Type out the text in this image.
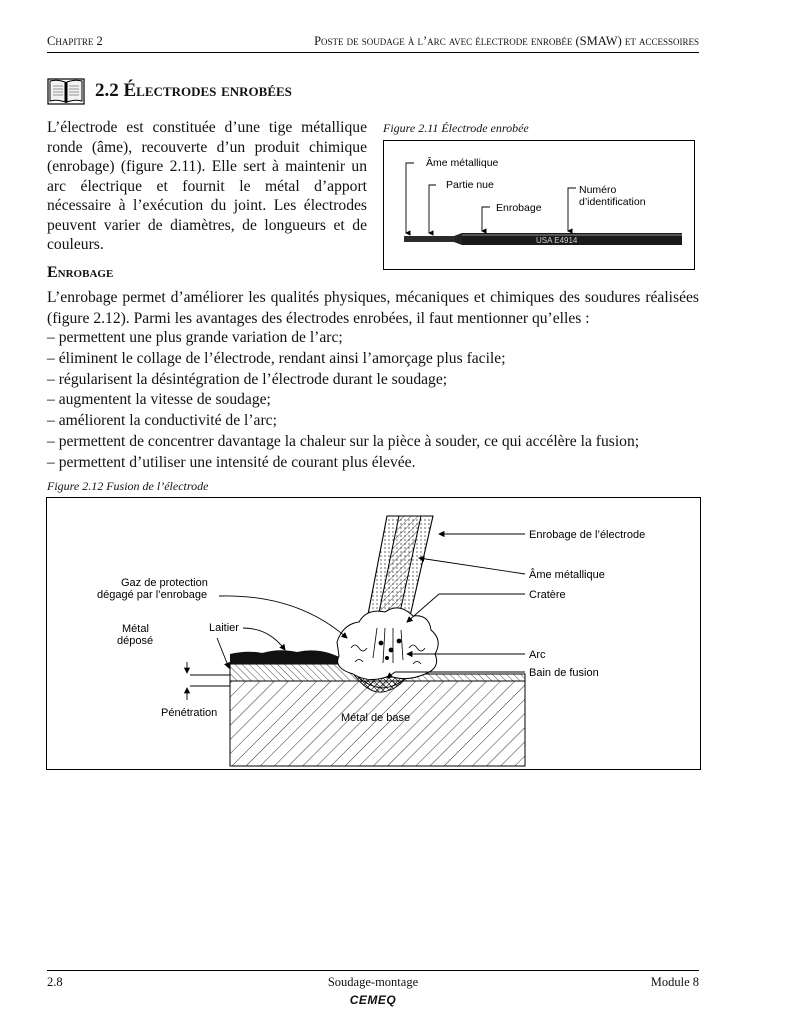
Chapitre 2	Poste de soudage à l’arc avec électrode enrobée (SMAW) et accessoires
2.2 Électrodes enrobées

L’électrode est constituée d’une tige métallique ronde (âme), recouverte d’un produit chimique (enrobage) (figure 2.11). Elle sert à maintenir un arc électrique et fournit le métal d’apport nécessaire à l’exécution du joint. Les électrodes peuvent varier de diamètres, de longueurs et de couleurs.

Figure 2.11 Électrode enrobée
USA E4914
Âme métallique
Partie nue
Enrobage
Numéro
d’identification
Enrobage

L’enrobage permet d’améliorer les qualités physiques, mécaniques et chimiques des soudures réalisées (figure 2.12). Parmi les avantages des électrodes enrobées, il faut mentionner qu’elles :

– permettent une plus grande variation de l’arc;
– éliminent le collage de l’électrode, rendant ainsi l’amorçage plus facile;
– régularisent la désintégration de l’électrode durant le soudage;
– augmentent la vitesse de soudage;
– améliorent la conductivité de l’arc;
– permettent de concentrer davantage la chaleur sur la pièce à souder, ce qui accélère la fusion;
– permettent d’utiliser une intensité de courant plus élevée.
Figure 2.12 Fusion de l’électrode
Enrobage de l’électrode
Âme métallique
Cratère
Arc
Bain de fusion
Gaz de protection
dégagé par l’enrobage
Laitier
Métal
déposé
Pénétration	Métal de base
2.8	Soudage-montage	Module 8
CEMEQ
